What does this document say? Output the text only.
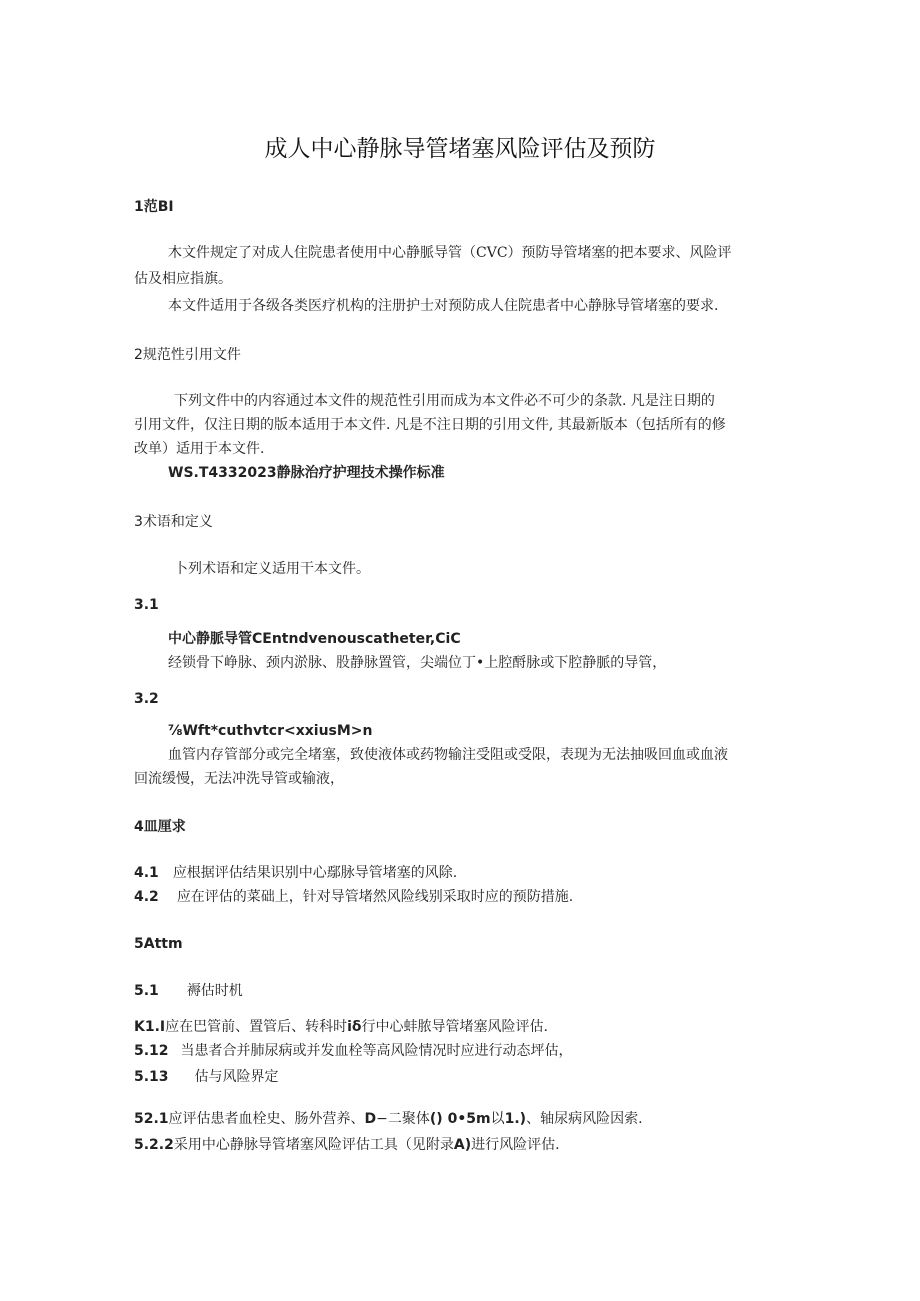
成人中心静脉导管堵塞风险评估及预防
1范BI
木文件规定了对成人住院患者使用中心静脈导管（CVC）预防导管堵塞的把本要求、风险评
估及相应指旗。
本文件适用于各级各类医疗机构的注册护士对预防成人住院患者中心静脉导管堵塞的要求.
2规范性引用文件
下列文件中的内容通过本文件的规范性引用而成为本文件必不可少的条款. 凡是注日期的
引用文件，仅注日期的版本适用于本文件. 凡是不注日期的引用文件, 其最新版本（包括所有的修
改单）适用于本文件.
WS.T4332023静脉治疗护理技术操作标准
3术语和定义
卜列术语和定义适用干本文件。
3.1
中心静脈导管CEntndvenouscatheter,CiC
经锁骨下峥脉、颈内淤脉、股静脉置管，尖端位丁•上腔酹脉或下腔静脈的导管，
3.2
⅞Wft*cuthvtcr<xxiusM>n
血管内存管部分或完全堵塞，致使液体或药物输注受阻或受限，表现为无法抽吸回血或血液
回流缓慢，无法冲洗导管或输液，
4皿厘求
4.1 应根据评估结果识别中心鄢脉导管堵塞的风除.
4.2 应在评估的菜础上，针对导管堵然风险线别采取时应的预防措施.
5Attm
5.1 褥估时机
K1.I应在巴管前、置管后、转科时iδ行中心蚌脓导管堵塞风险评估.
5.12 当患者合并肺尿病或并发血栓等高风险情况时应进行动态坪估，
5.13 估与风险界定
52.1应评估患者血栓史、肠外营养、D−二聚体() 0•5m以1.)、轴尿病风险因索.
5.2.2采用中心静脉导管堵塞风险评估工具（见附录A)进行风险评估.
